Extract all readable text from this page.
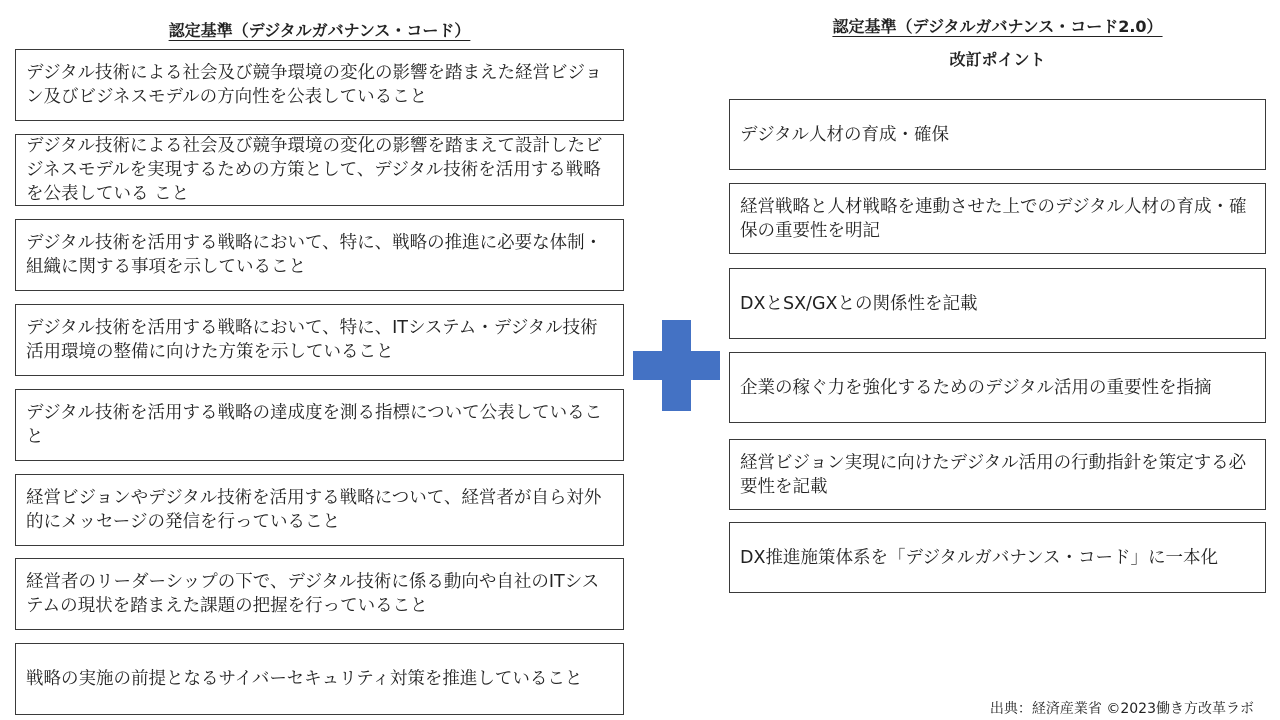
認定基準（デジタルガバナンス・コード）	認定基準（デジタルガバナンス・コード2.0）
改訂ポイント
デジタル技術による社会及び競争環境の変化の影響を踏まえた経営ビジョン及びビジネスモデルの方向性を公表していること
デジタル技術による社会及び競争環境の変化の影響を踏まえて設計したビジネスモデルを実現するための方策として、デジタル技術を活用する戦略を公表している こと
デジタル技術を活用する戦略において、特に、戦略の推進に必要な体制・組織に関する事項を示していること
デジタル技術を活用する戦略において、特に、ITシステム・デジタル技術活用環境の整備に向けた方策を示していること
デジタル技術を活用する戦略の達成度を測る指標について公表していること
経営ビジョンやデジタル技術を活用する戦略について、経営者が自ら対外的にメッセージの発信を行っていること
経営者のリーダーシップの下で、デジタル技術に係る動向や自社のITシステムの現状を踏まえた課題の把握を行っていること
戦略の実施の前提となるサイバーセキュリティ対策を推進していること
デジタル人材の育成・確保
経営戦略と人材戦略を連動させた上でのデジタル人材の育成・確保の重要性を明記
DXとSX/GXとの関係性を記載
企業の稼ぐ力を強化するためのデジタル活用の重要性を指摘
経営ビジョン実現に向けたデジタル活用の行動指針を策定する必要性を記載
DX推進施策体系を「デジタルガバナンス・コード」に一本化
出典：経済産業省 ©2023働き方改革ラボ
